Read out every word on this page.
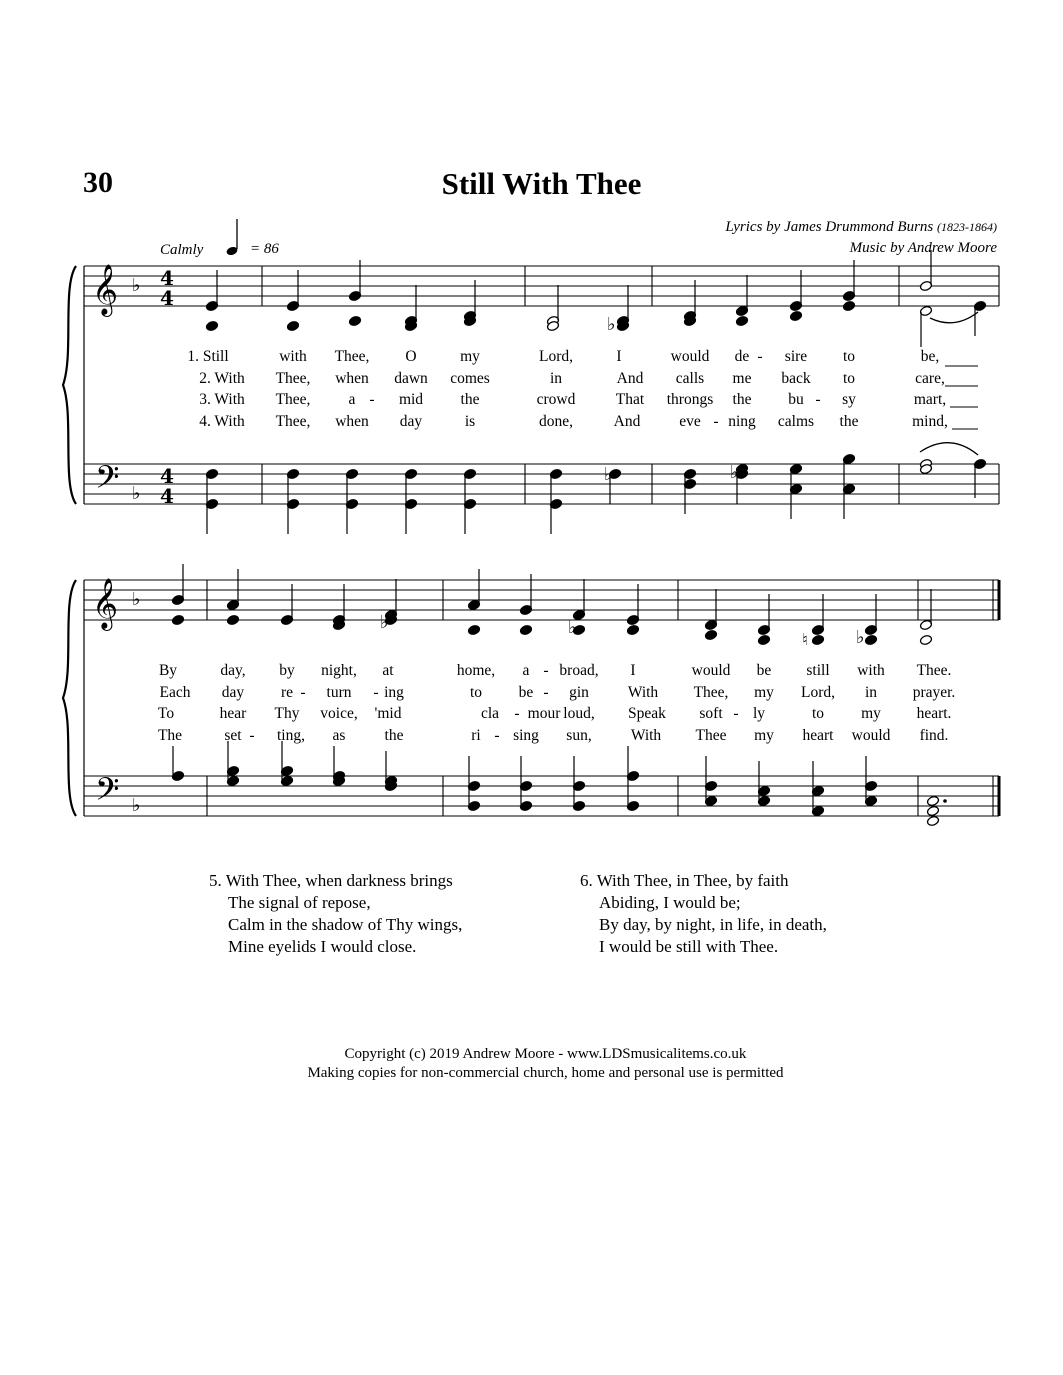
30	Still With Thee
Lyrics by James Drummond Burns (1823-1864)
Music by Andrew Moore
Calmly	= 86
𝄞
𝄢
♭
♭
4
4
4
4
♭
♭	♭
𝄞
𝄢
♭
♭
♭	♭	♭
♮
1. Still	with Thee, O	my	Lord,	I	would de - sire to	be,
2. With Thee, when dawn comes	in	And calls me back to	care,
3. With Thee, a - mid the	crowd	That throngs the bu - sy	mart,
4. With Thee, when day	is	done,	And	eve - ning calms the	mind,
By	day, by night, at	home, a - broad, I	would be still with Thee.
Each day re - turn - ing	to be - gin	With Thee, my Lord, in prayer.
To	hear Thy voice, 'mid	cla - mour loud, Speak soft - ly	to my heart.
The	set - ting, as	the	ri - sing sun,	With Thee my heart would find.
5. With Thee, when darkness brings
The signal of repose,
Calm in the shadow of Thy wings,
Mine eyelids I would close.
6. With Thee, in Thee, by faith
Abiding, I would be;
By day, by night, in life, in death,
I would be still with Thee.
Copyright (c) 2019 Andrew Moore - www.LDSmusicalitems.co.uk
Making copies for non-commercial church, home and personal use is permitted
